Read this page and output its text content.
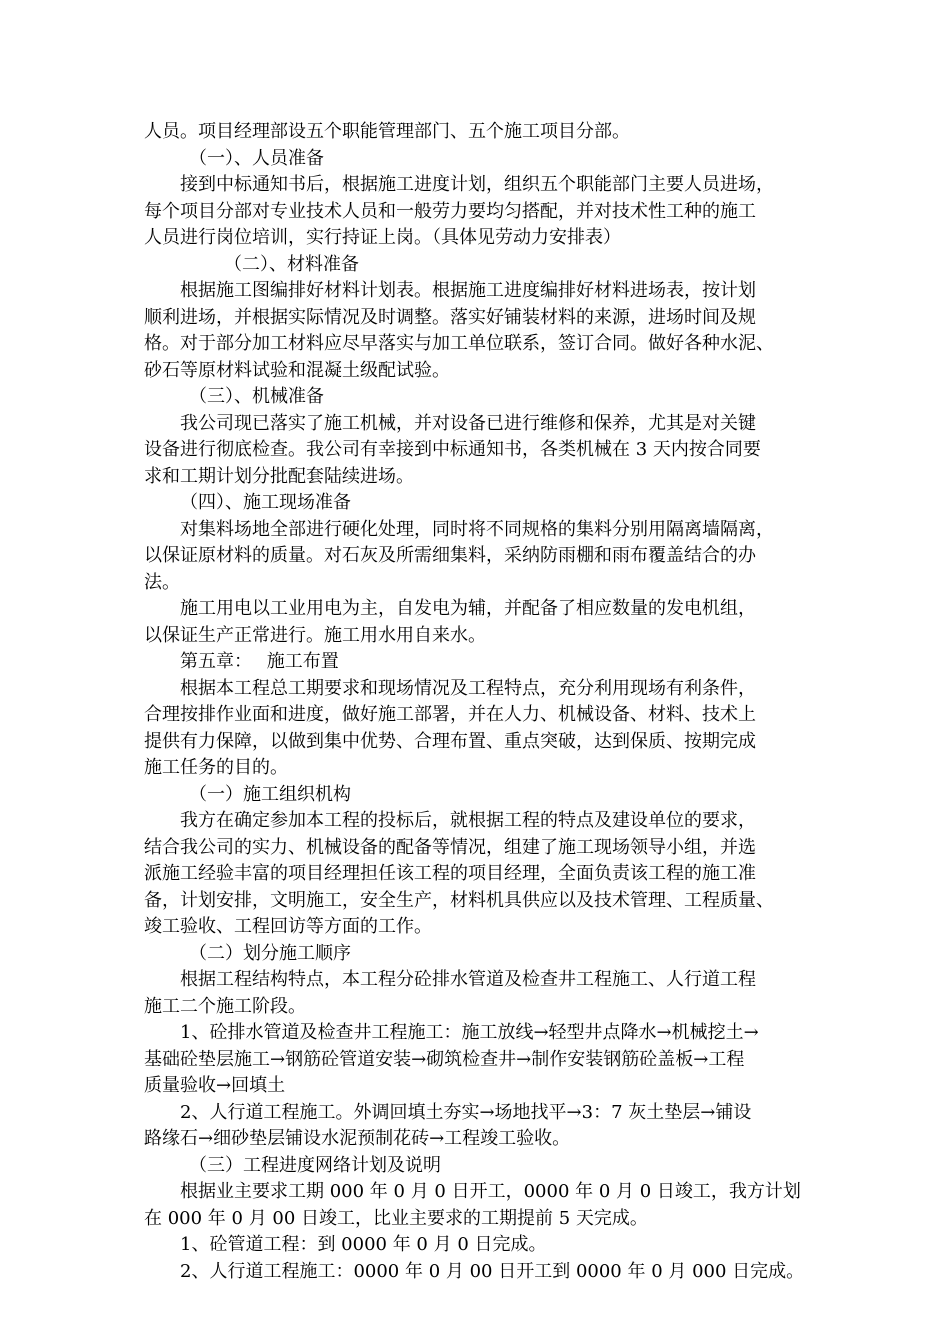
人员。项目经理部设五个职能管理部门、五个施工项目分部。
（一）、人员准备
接到中标通知书后，根据施工进度计划，组织五个职能部门主要人员进场，
每个项目分部对专业技术人员和一般劳力要均匀搭配，并对技术性工种的施工
人员进行岗位培训，实行持证上岗。（具体见劳动力安排表）
（二）、材料准备
根据施工图编排好材料计划表。根据施工进度编排好材料进场表，按计划
顺利进场，并根据实际情况及时调整。落实好铺装材料的来源，进场时间及规
格。对于部分加工材料应尽早落实与加工单位联系，签订合同。做好各种水泥、
砂石等原材料试验和混凝土级配试验。
（三）、机械准备
我公司现已落实了施工机械，并对设备已进行维修和保养，尤其是对关键
设备进行彻底检查。我公司有幸接到中标通知书，各类机械在 3 天内按合同要
求和工期计划分批配套陆续进场。
（四）、施工现场准备
对集料场地全部进行硬化处理，同时将不同规格的集料分别用隔离墙隔离，
以保证原材料的质量。对石灰及所需细集料，采纳防雨棚和雨布覆盖结合的办
法。
施工用电以工业用电为主，自发电为辅，并配备了相应数量的发电机组，
以保证生产正常进行。施工用水用自来水。
第五章：　 施工布置
根据本工程总工期要求和现场情况及工程特点，充分利用现场有利条件，
合理按排作业面和进度，做好施工部署，并在人力、机械设备、材料、技术上
提供有力保障，以做到集中优势、合理布置、重点突破，达到保质、按期完成
施工任务的目的。
（一）施工组织机构
我方在确定参加本工程的投标后，就根据工程的特点及建设单位的要求，
结合我公司的实力、机械设备的配备等情况，组建了施工现场领导小组，并选
派施工经验丰富的项目经理担任该工程的项目经理，全面负责该工程的施工准
备，计划安排，文明施工，安全生产，材料机具供应以及技术管理、工程质量、
竣工验收、工程回访等方面的工作。
（二）划分施工顺序
根据工程结构特点，本工程分砼排水管道及检查井工程施工、人行道工程
施工二个施工阶段。
1、砼排水管道及检查井工程施工：施工放线→轻型井点降水→机械挖土→
基础砼垫层施工→钢筋砼管道安装→砌筑检查井→制作安装钢筋砼盖板→工程
质量验收→回填土
2、人行道工程施工。外调回填土夯实→场地找平→3：7 灰土垫层→铺设
路缘石→细砂垫层铺设水泥预制花砖→工程竣工验收。
（三）工程进度网络计划及说明
根据业主要求工期 000 年 0 月 0 日开工，0000 年 0 月 0 日竣工，我方计划
在 000 年 0 月 00 日竣工，比业主要求的工期提前 5 天完成。
1、砼管道工程：到 0000 年 0 月 0 日完成。
2、人行道工程施工：0000 年 0 月 00 日开工到 0000 年 0 月 000 日完成。
